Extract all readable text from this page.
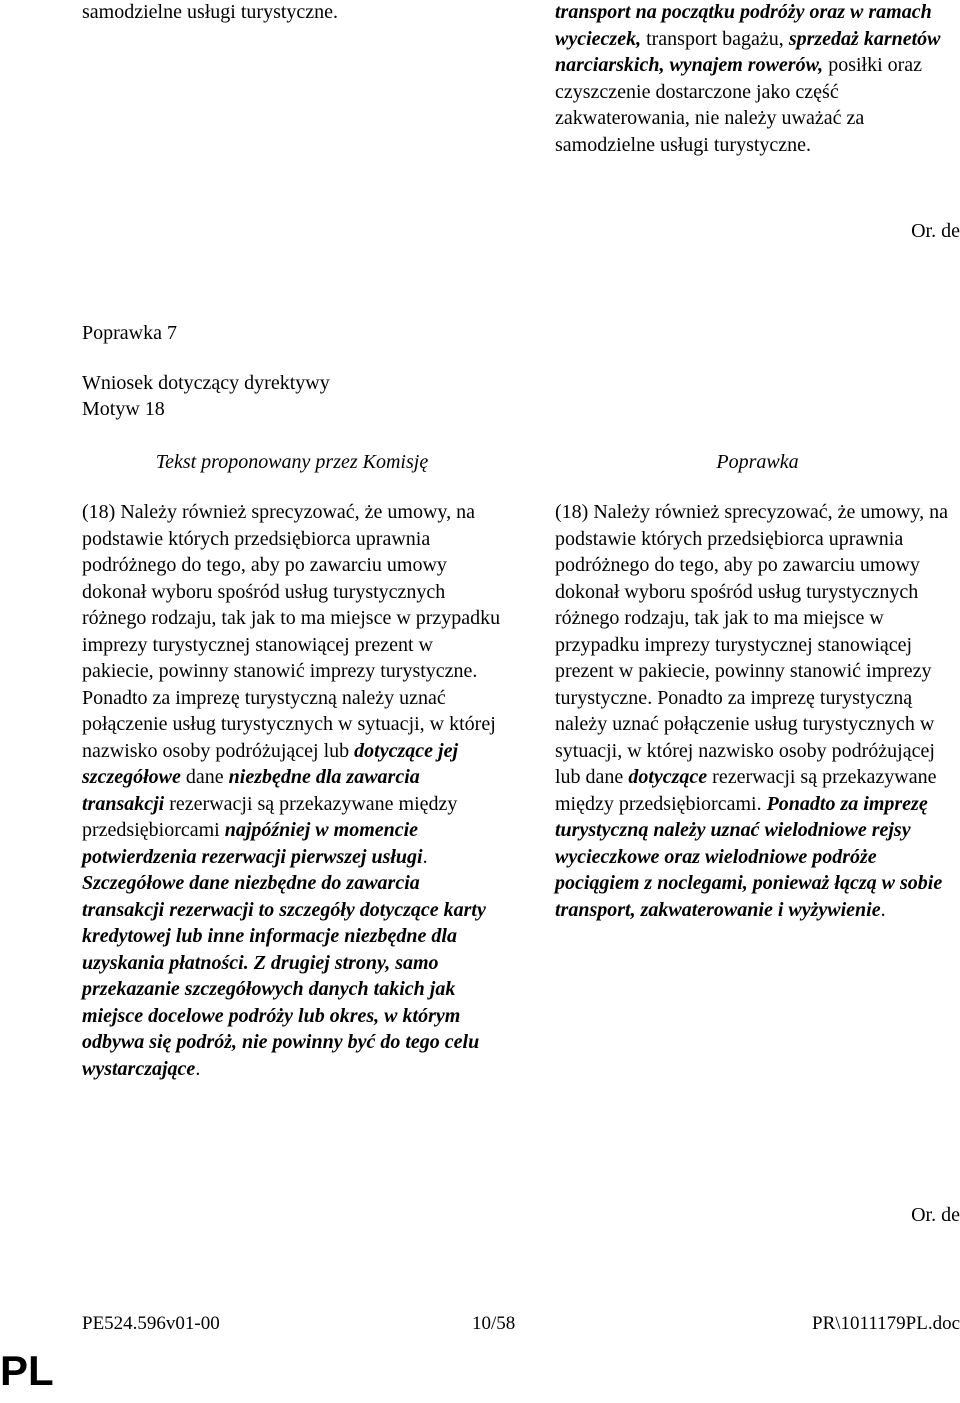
samodzielne usługi turystyczne.	transport na początku podróży oraz w ramach wycieczek, transport bagażu, sprzedaż karnetów narciarskich, wynajem rowerów, posiłki oraz czyszczenie dostarczone jako część zakwaterowania, nie należy uważać za samodzielne usługi turystyczne.

Or. de

Poprawka 7

Wniosek dotyczący dyrektywy

Motyw 18

Tekst proponowany przez Komisję	Poprawka

(18) Należy również sprecyzować, że umowy, na podstawie których przedsiębiorca uprawnia podróżnego do tego, aby po zawarciu umowy dokonał wyboru spośród usług turystycznych różnego rodzaju, tak jak to ma miejsce w przypadku imprezy turystycznej stanowiącej prezent w pakiecie, powinny stanowić imprezy turystyczne. Ponadto za imprezę turystyczną należy uznać połączenie usług turystycznych w sytuacji, w której nazwisko osoby podróżującej lub dotyczące jej szczegółowe dane niezbędne dla zawarcia transakcji rezerwacji są przekazywane między przedsiębiorcami najpóźniej w momencie potwierdzenia rezerwacji pierwszej usługi. Szczegółowe dane niezbędne do zawarcia transakcji rezerwacji to szczegóły dotyczące karty kredytowej lub inne informacje niezbędne dla uzyskania płatności. Z drugiej strony, samo przekazanie szczegółowych danych takich jak miejsce docelowe podróży lub okres, w którym odbywa się podróż, nie powinny być do tego celu wystarczające.

(18) Należy również sprecyzować, że umowy, na podstawie których przedsiębiorca uprawnia podróżnego do tego, aby po zawarciu umowy dokonał wyboru spośród usług turystycznych różnego rodzaju, tak jak to ma miejsce w przypadku imprezy turystycznej stanowiącej prezent w pakiecie, powinny stanowić imprezy turystyczne. Ponadto za imprezę turystyczną należy uznać połączenie usług turystycznych w sytuacji, w której nazwisko osoby podróżującej lub dane dotyczące rezerwacji są przekazywane między przedsiębiorcami. Ponadto za imprezę turystyczną należy uznać wielodniowe rejsy wycieczkowe oraz wielodniowe podróże pociągiem z noclegami, ponieważ łączą w sobie transport, zakwaterowanie i wyżywienie.

Or. de

PE524.596v01-00	10/58	PR\1011179PL.doc

PL
